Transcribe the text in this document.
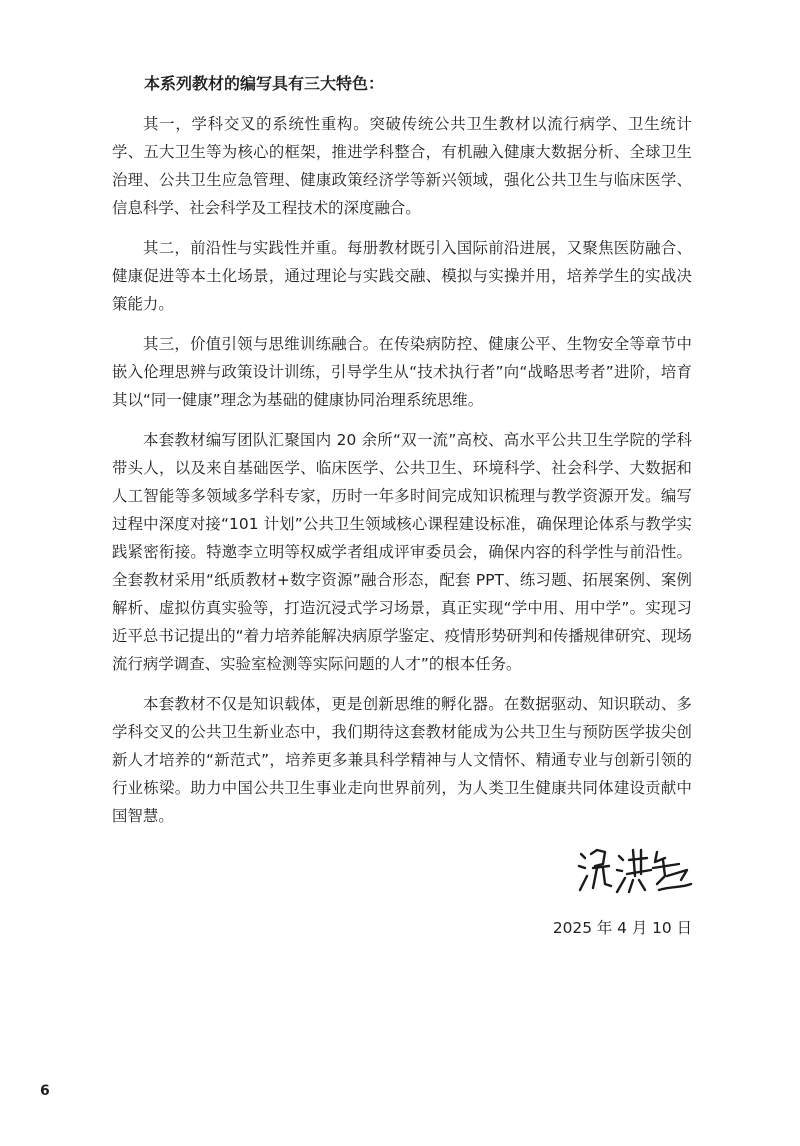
本系列教材的编写具有三大特色：

其一，学科交叉的系统性重构。突破传统公共卫生教材以流行病学、卫生统计学、五大卫生等为核心的框架，推进学科整合，有机融入健康大数据分析、全球卫生治理、公共卫生应急管理、健康政策经济学等新兴领域，强化公共卫生与临床医学、信息科学、社会科学及工程技术的深度融合。

其二，前沿性与实践性并重。每册教材既引入国际前沿进展，又聚焦医防融合、健康促进等本土化场景，通过理论与实践交融、模拟与实操并用，培养学生的实战决策能力。

其三，价值引领与思维训练融合。在传染病防控、健康公平、生物安全等章节中嵌入伦理思辨与政策设计训练，引导学生从“技术执行者”向“战略思考者”进阶，培育其以“同一健康”理念为基础的健康协同治理系统思维。

本套教材编写团队汇聚国内 20 余所“双一流”高校、高水平公共卫生学院的学科带头人，以及来自基础医学、临床医学、公共卫生、环境科学、社会科学、大数据和人工智能等多领域多学科专家，历时一年多时间完成知识梳理与教学资源开发。编写过程中深度对接“101 计划”公共卫生领域核心课程建设标准，确保理论体系与教学实践紧密衔接。特邀李立明等权威学者组成评审委员会，确保内容的科学性与前沿性。全套教材采用“纸质教材+数字资源”融合形态，配套 PPT、练习题、拓展案例、案例解析、虚拟仿真实验等，打造沉浸式学习场景，真正实现“学中用、用中学”。实现习近平总书记提出的“着力培养能解决病原学鉴定、疫情形势研判和传播规律研究、现场流行病学调查、实验室检测等实际问题的人才”的根本任务。

本套教材不仅是知识载体，更是创新思维的孵化器。在数据驱动、知识联动、多学科交叉的公共卫生新业态中，我们期待这套教材能成为公共卫生与预防医学拔尖创新人才培养的“新范式”，培养更多兼具科学精神与人文情怀、精通专业与创新引领的行业栋梁。助力中国公共卫生事业走向世界前列，为人类卫生健康共同体建设贡献中国智慧。

2025 年 4 月 10 日
6
